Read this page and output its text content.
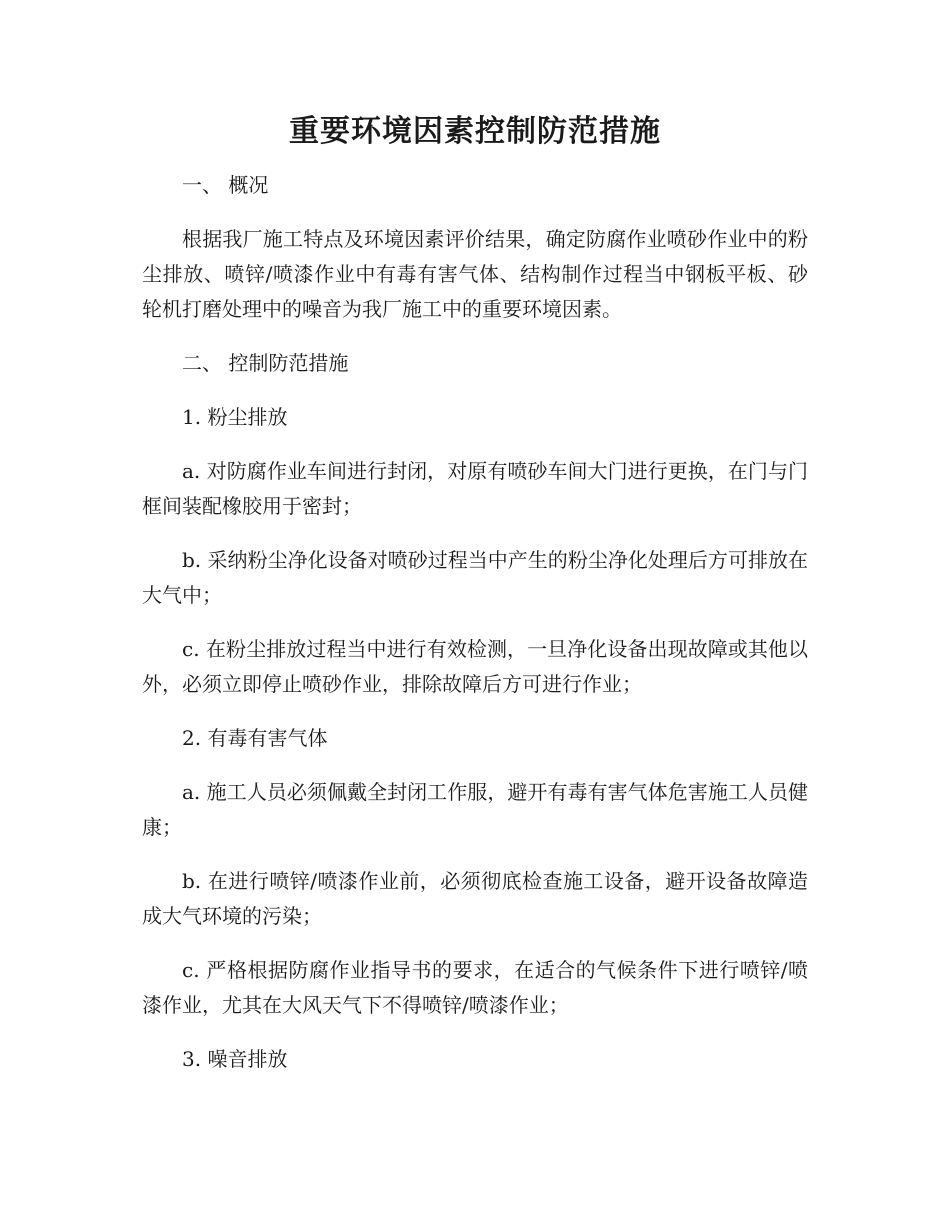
重要环境因素控制防范措施

一、 概况

根据我厂施工特点及环境因素评价结果，确定防腐作业喷砂作业中的粉尘排放、喷锌/喷漆作业中有毒有害气体、结构制作过程当中钢板平板、砂轮机打磨处理中的噪音为我厂施工中的重要环境因素。

二、 控制防范措施

1. 粉尘排放

a. 对防腐作业车间进行封闭，对原有喷砂车间大门进行更换，在门与门框间装配橡胶用于密封；

b. 采纳粉尘净化设备对喷砂过程当中产生的粉尘净化处理后方可排放在大气中；

c. 在粉尘排放过程当中进行有效检测，一旦净化设备出现故障或其他以外，必须立即停止喷砂作业，排除故障后方可进行作业；

2. 有毒有害气体

a. 施工人员必须佩戴全封闭工作服，避开有毒有害气体危害施工人员健康；

b. 在进行喷锌/喷漆作业前，必须彻底检查施工设备，避开设备故障造成大气环境的污染；

c. 严格根据防腐作业指导书的要求，在适合的气候条件下进行喷锌/喷漆作业，尤其在大风天气下不得喷锌/喷漆作业；

3. 噪音排放
